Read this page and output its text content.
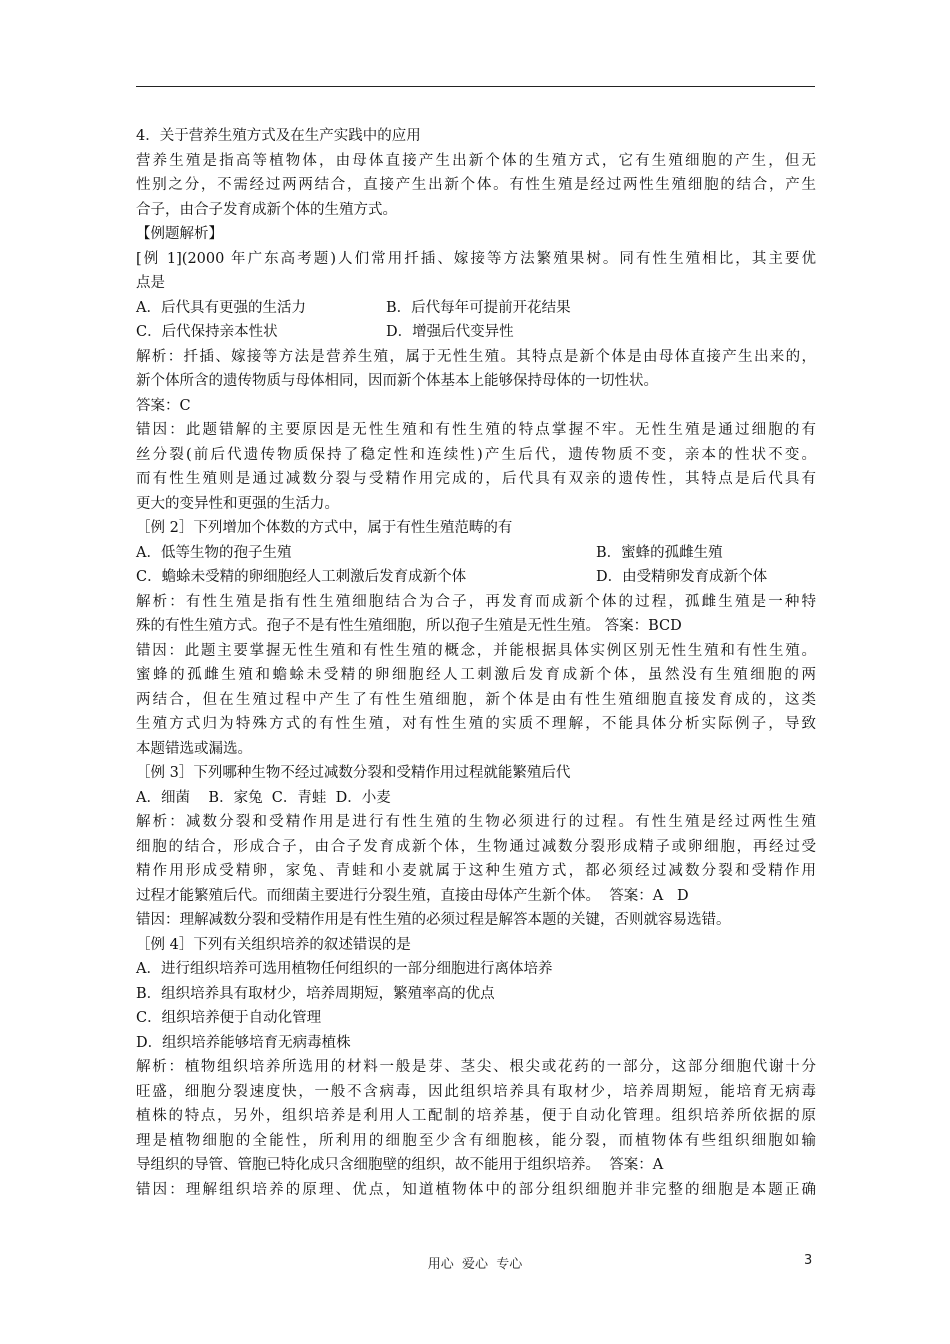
4．关于营养生殖方式及在生产实践中的应用
营养生殖是指高等植物体，由母体直接产生出新个体的生殖方式，它有生殖细胞的产生，但无
性别之分，不需经过两两结合，直接产生出新个体。有性生殖是经过两性生殖细胞的结合，产生
合子，由合子发育成新个体的生殖方式。
【例题解析】
[例 1](2000 年广东高考题)人们常用扦插、嫁接等方法繁殖果树。同有性生殖相比，其主要优
点是
A．后代具有更强的生活力	B．后代每年可提前开花结果
C．后代保持亲本性状	D．增强后代变异性
解析：扦插、嫁接等方法是营养生殖，属于无性生殖。其特点是新个体是由母体直接产生出来的，
新个体所含的遗传物质与母体相同，因而新个体基本上能够保持母体的一切性状。
答案：C
错因：此题错解的主要原因是无性生殖和有性生殖的特点掌握不牢。无性生殖是通过细胞的有
丝分裂(前后代遗传物质保持了稳定性和连续性)产生后代，遗传物质不变，亲本的性状不变。
而有性生殖则是通过减数分裂与受精作用完成的，后代具有双亲的遗传性，其特点是后代具有
更大的变异性和更强的生活力。
［例 2］下列增加个体数的方式中，属于有性生殖范畴的有
A．低等生物的孢子生殖	B．蜜蜂的孤雌生殖
C．蟾蜍未受精的卵细胞经人工刺激后发育成新个体	D．由受精卵发育成新个体
解析：有性生殖是指有性生殖细胞结合为合子，再发育而成新个体的过程，孤雌生殖是一种特
殊的有性生殖方式。孢子不是有性生殖细胞，所以孢子生殖是无性生殖。 答案：BCD
错因：此题主要掌握无性生殖和有性生殖的概念，并能根据具体实例区别无性生殖和有性生殖。
蜜蜂的孤雌生殖和蟾蜍未受精的卵细胞经人工刺激后发育成新个体，虽然没有生殖细胞的两
两结合，但在生殖过程中产生了有性生殖细胞，新个体是由有性生殖细胞直接发育成的，这类
生殖方式归为特殊方式的有性生殖，对有性生殖的实质不理解，不能具体分析实际例子，导致
本题错选或漏选。
［例 3］下列哪种生物不经过减数分裂和受精作用过程就能繁殖后代
A．细菌    B．家兔  C．青蛙  D．小麦
解析：减数分裂和受精作用是进行有性生殖的生物必须进行的过程。有性生殖是经过两性生殖
细胞的结合，形成合子，由合子发育成新个体，生物通过减数分裂形成精子或卵细胞，再经过受
精作用形成受精卵，家兔、青蛙和小麦就属于这种生殖方式，都必须经过减数分裂和受精作用
过程才能繁殖后代。而细菌主要进行分裂生殖，直接由母体产生新个体。  答案：A   D
错因：理解减数分裂和受精作用是有性生殖的必须过程是解答本题的关键，否则就容易选错。
［例 4］下列有关组织培养的叙述错误的是
A．进行组织培养可选用植物任何组织的一部分细胞进行离体培养
B．组织培养具有取材少，培养周期短，繁殖率高的优点
C．组织培养便于自动化管理
D．组织培养能够培育无病毒植株
解析：植物组织培养所选用的材料一般是芽、茎尖、根尖或花药的一部分，这部分细胞代谢十分
旺盛，细胞分裂速度快，一般不含病毒，因此组织培养具有取材少，培养周期短，能培育无病毒
植株的特点，另外，组织培养是利用人工配制的培养基，便于自动化管理。组织培养所依据的原
理是植物细胞的全能性，所利用的细胞至少含有细胞核，能分裂，而植物体有些组织细胞如输
导组织的导管、管胞已特化成只含细胞壁的组织，故不能用于组织培养。  答案：A
错因：理解组织培养的原理、优点，知道植物体中的部分组织细胞并非完整的细胞是本题正确
用心  爱心  专心	3
